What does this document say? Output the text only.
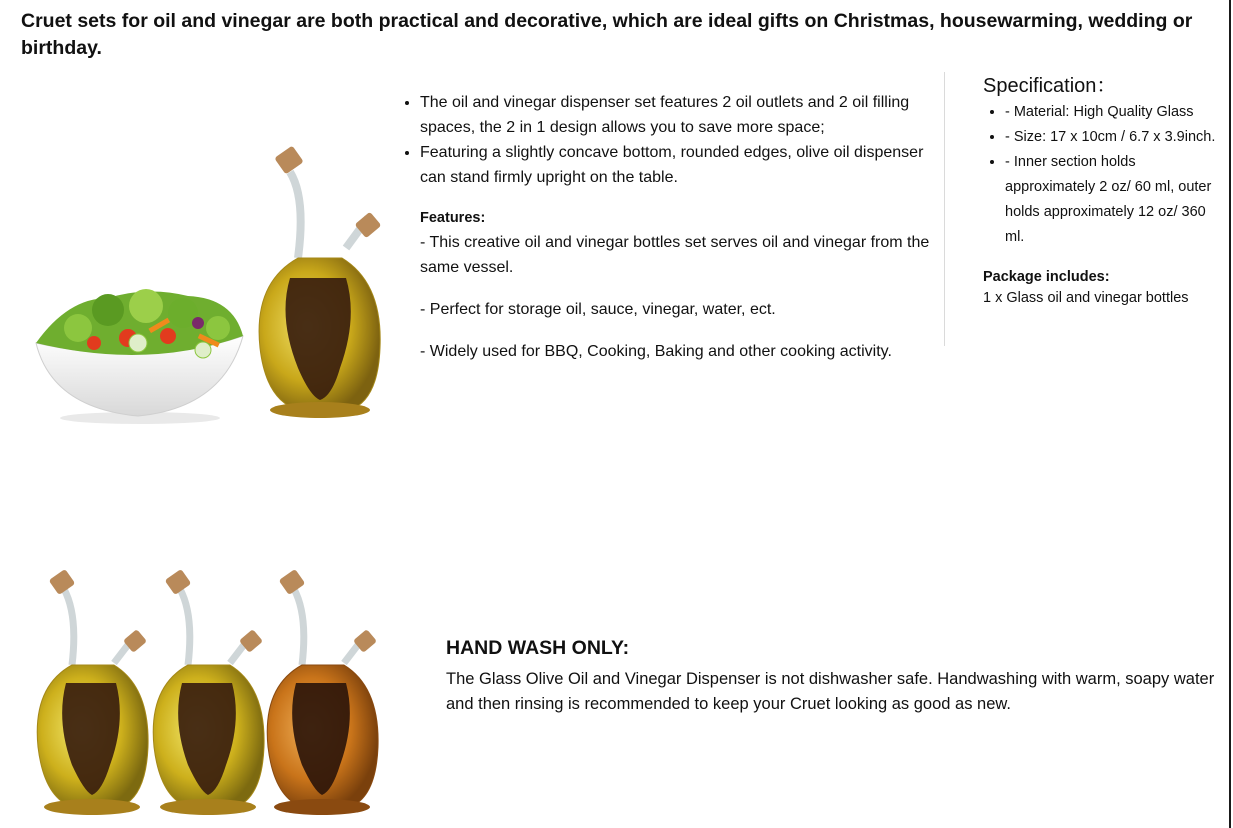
Cruet sets for oil and vinegar are both practical and decorative, which are ideal gifts on Christmas, housewarming, wedding or birthday.
• The oil and vinegar dispenser set features 2 oil outlets and 2 oil filling spaces, the 2 in 1 design allows you to save more space;
• Featuring a slightly concave bottom, rounded edges, olive oil dispenser can stand firmly upright on the table.
Features:

- This creative oil and vinegar bottles set serves oil and vinegar from the same vessel.

- Perfect for storage oil, sauce, vinegar, water, ect.

- Widely used for BBQ, Cooking, Baking and other cooking activity.

Specification：
• - Material: High Quality Glass
• - Size: 17 x 10cm / 6.7 x 3.9inch.
• - Inner section holds approximately 2 oz/ 60 ml, outer holds approximately 12 oz/ 360 ml.
Package includes:
1 x Glass oil and vinegar bottles
HAND WASH ONLY:
The Glass Olive Oil and Vinegar Dispenser is not dishwasher safe. Handwashing with warm, soapy water and then rinsing is recommended to keep your Cruet looking as good as new.
